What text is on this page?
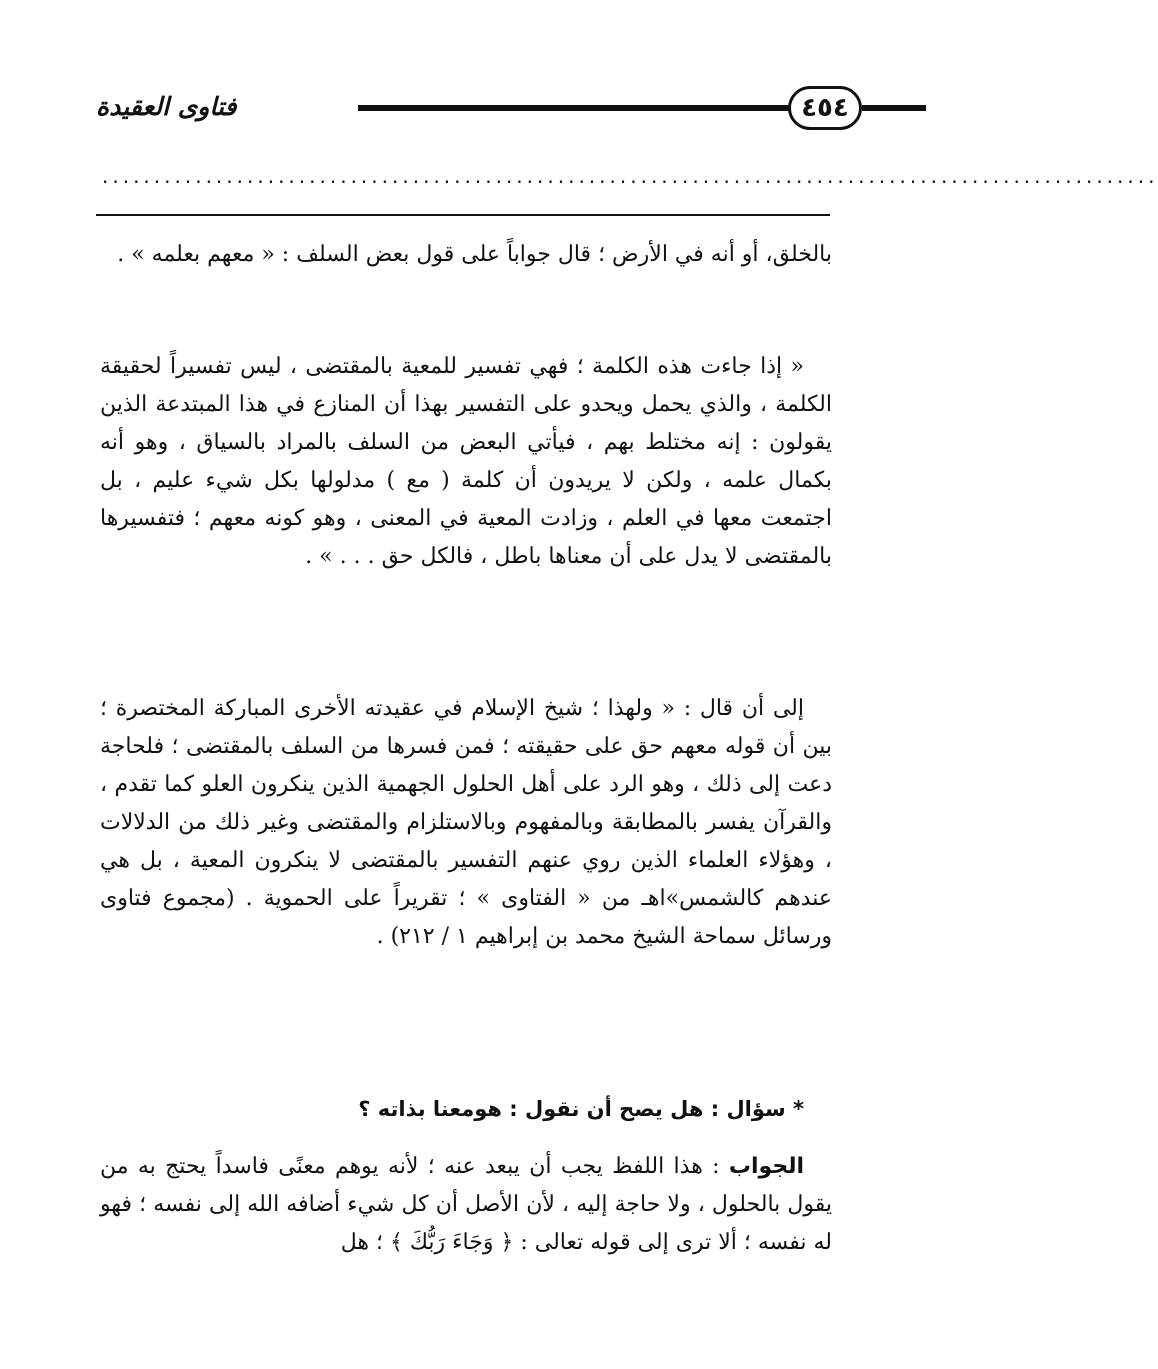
٤٥٤
فتاوى العقيدة
......................................................................................................
بالخلق، أو أنه في الأرض ؛ قال جواباً على قول بعض السلف : « معهم بعلمه » .
« إذا جاءت هذه الكلمة ؛ فهي تفسير للمعية بالمقتضى ، ليس تفسيراً لحقيقة الكلمة ، والذي يحمل ويحدو على التفسير بهذا أن المنازع في هذا المبتدعة الذين يقولون : إنه مختلط بهم ، فيأتي البعض من السلف بالمراد بالسياق ، وهو أنه بكمال علمه ، ولكن لا يريدون أن كلمة ( مع ) مدلولها بكل شيء عليم ، بل اجتمعت معها في العلم ، وزادت المعية في المعنى ، وهو كونه معهم ؛ فتفسيرها بالمقتضى لا يدل على أن معناها باطل ، فالكل حق . . . » .
إلى أن قال : « ولهذا ؛ شيخ الإسلام في عقيدته الأخرى المباركة المختصرة ؛ بين أن قوله معهم حق على حقيقته ؛ فمن فسرها من السلف بالمقتضى ؛ فلحاجة دعت إلى ذلك ، وهو الرد على أهل الحلول الجهمية الذين ينكرون العلو كما تقدم ، والقرآن يفسر بالمطابقة وبالمفهوم وبالاستلزام والمقتضى وغير ذلك من الدلالات ، وهؤلاء العلماء الذين روي عنهم التفسير بالمقتضى لا ينكرون المعية ، بل هي عندهم كالشمس»اهـ من « الفتاوى » ؛ تقريراً على الحموية . (مجموع فتاوى ورسائل سماحة الشيخ محمد بن إبراهيم ١ / ٢١٢) .
* سؤال : هل يصح أن نقول : هومعنا بذاته ؟
الجواب : هذا اللفظ يجب أن يبعد عنه ؛ لأنه يوهم معنًى فاسداً يحتج به من يقول بالحلول ، ولا حاجة إليه ، لأن الأصل أن كل شيء أضافه الله إلى نفسه ؛ فهو له نفسه ؛ ألا ترى إلى قوله تعالى : ﴿ وَجَاءَ رَبُّكَ ﴾ ؛ هل
